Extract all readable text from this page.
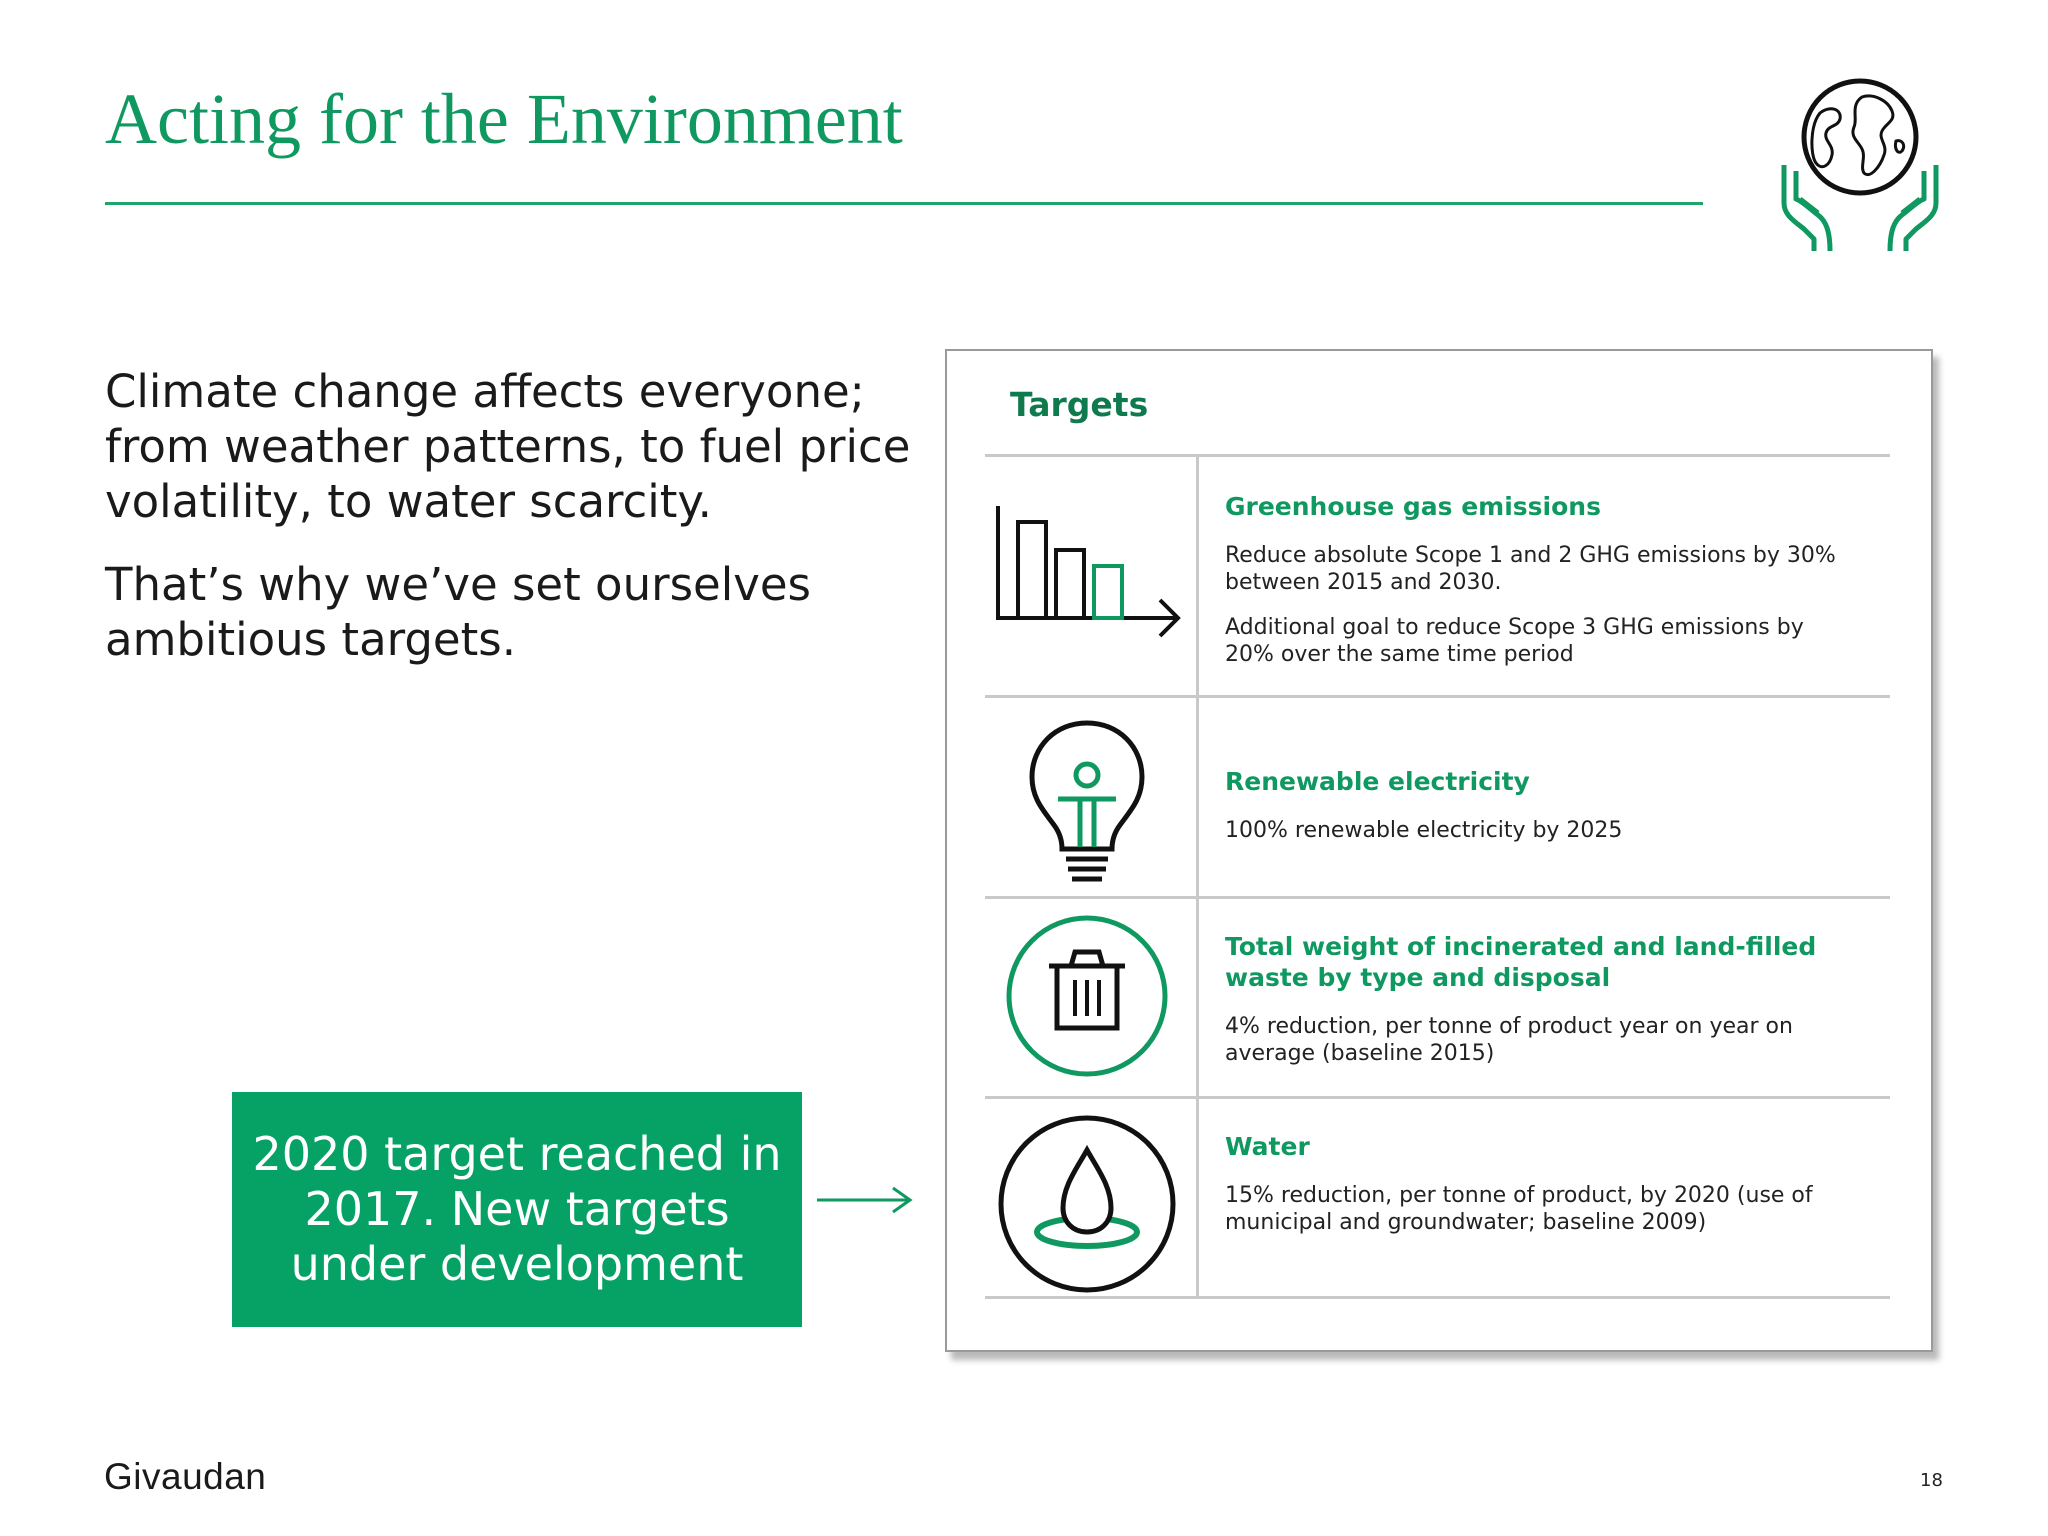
Acting for the Environment

Climate change affects everyone; from weather patterns, to fuel price volatility, to water scarcity.

That’s why we’ve set ourselves ambitious targets.

2020 target reached in 2017. New targets under development
Targets

Greenhouse gas emissions

Reduce absolute Scope 1 and 2 GHG emissions by 30% between 2015 and 2030.

Additional goal to reduce Scope 3 GHG emissions by 20% over the same time period

Renewable electricity

100% renewable electricity by 2025

Total weight of incinerated and land-filled waste by type and disposal

4% reduction, per tonne of product year on year on average (baseline 2015)

Water

15% reduction, per tonne of product, by 2020 (use of municipal and groundwater; baseline 2009)

Givaudan	18
